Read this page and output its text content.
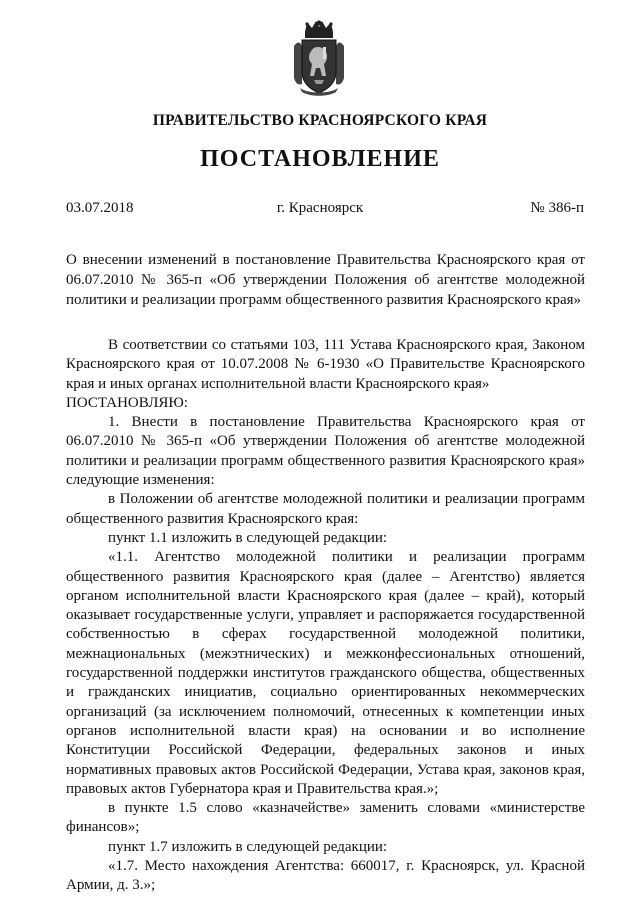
ПРАВИТЕЛЬСТВО КРАСНОЯРСКОГО КРАЯ
ПОСТАНОВЛЕНИЕ
г. Красноярск
03.07.2018	№ 386-п
О внесении изменений в постановление Правительства Красноярского края от 06.07.2010 № 365-п «Об утверждении Положения об агентстве молодежной политики и реализации программ общественного развития Красноярского края»

В соответствии со статьями 103, 111 Устава Красноярского края, Законом Красноярского края от 10.07.2008 № 6-1930 «О Правительстве Красноярского края и иных органах исполнительной власти Красноярского края»

ПОСТАНОВЛЯЮ:

1. Внести в постановление Правительства Красноярского края от 06.07.2010 № 365-п «Об утверждении Положения об агентстве молодежной политики и реализации программ общественного развития Красноярского края» следующие изменения:

в Положении об агентстве молодежной политики и реализации программ общественного развития Красноярского края:

пункт 1.1 изложить в следующей редакции:

«1.1. Агентство молодежной политики и реализации программ общественного развития Красноярского края (далее – Агентство) является органом исполнительной власти Красноярского края (далее – край), который оказывает государственные услуги, управляет и распоряжается государственной собственностью в сферах государственной молодежной политики, межнациональных (межэтнических) и межконфессиональных отношений, государственной поддержки институтов гражданского общества, общественных и гражданских инициатив, социально ориентированных некоммерческих организаций (за исключением полномочий, отнесенных к компетенции иных органов исполнительной власти края) на основании и во исполнение Конституции Российской Федерации, федеральных законов и иных нормативных правовых актов Российской Федерации, Устава края, законов края, правовых актов Губернатора края и Правительства края.»;

в пункте 1.5 слово «казначействе» заменить словами «министерстве финансов»;

пункт 1.7 изложить в следующей редакции:

«1.7. Место нахождения Агентства: 660017, г. Красноярск, ул. Красной Армии, д. 3.»;
